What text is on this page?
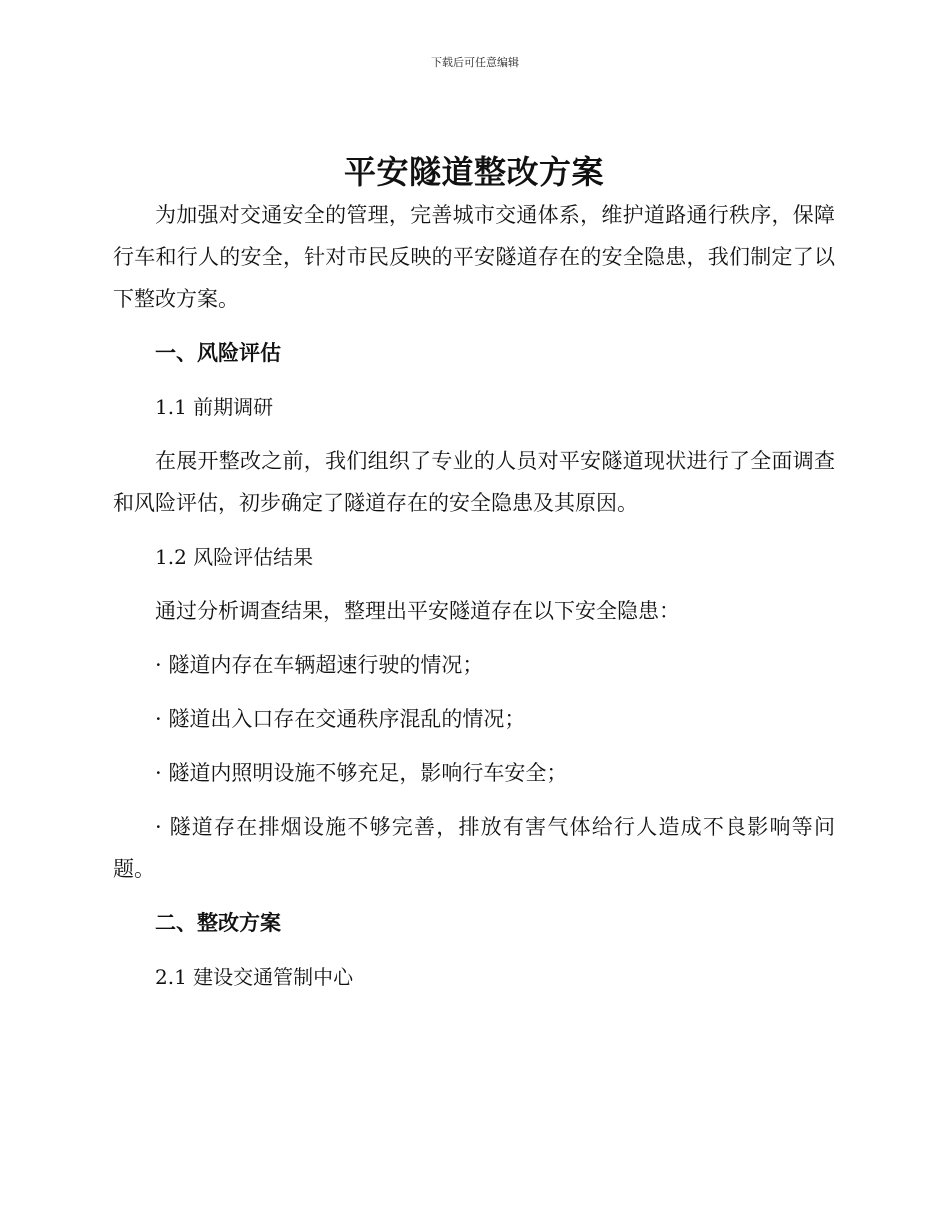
下载后可任意编辑
平安隧道整改方案

为加强对交通安全的管理，完善城市交通体系，维护道路通行秩序，保障行车和行人的安全，针对市民反映的平安隧道存在的安全隐患，我们制定了以下整改方案。

一、风险评估
1.1 前期调研

在展开整改之前，我们组织了专业的人员对平安隧道现状进行了全面调查和风险评估，初步确定了隧道存在的安全隐患及其原因。

1.2 风险评估结果

通过分析调查结果，整理出平安隧道存在以下安全隐患：

· 隧道内存在车辆超速行驶的情况；

· 隧道出入口存在交通秩序混乱的情况；

· 隧道内照明设施不够充足，影响行车安全；

· 隧道存在排烟设施不够完善，排放有害气体给行人造成不良影响等问题。

二、整改方案
2.1 建设交通管制中心
